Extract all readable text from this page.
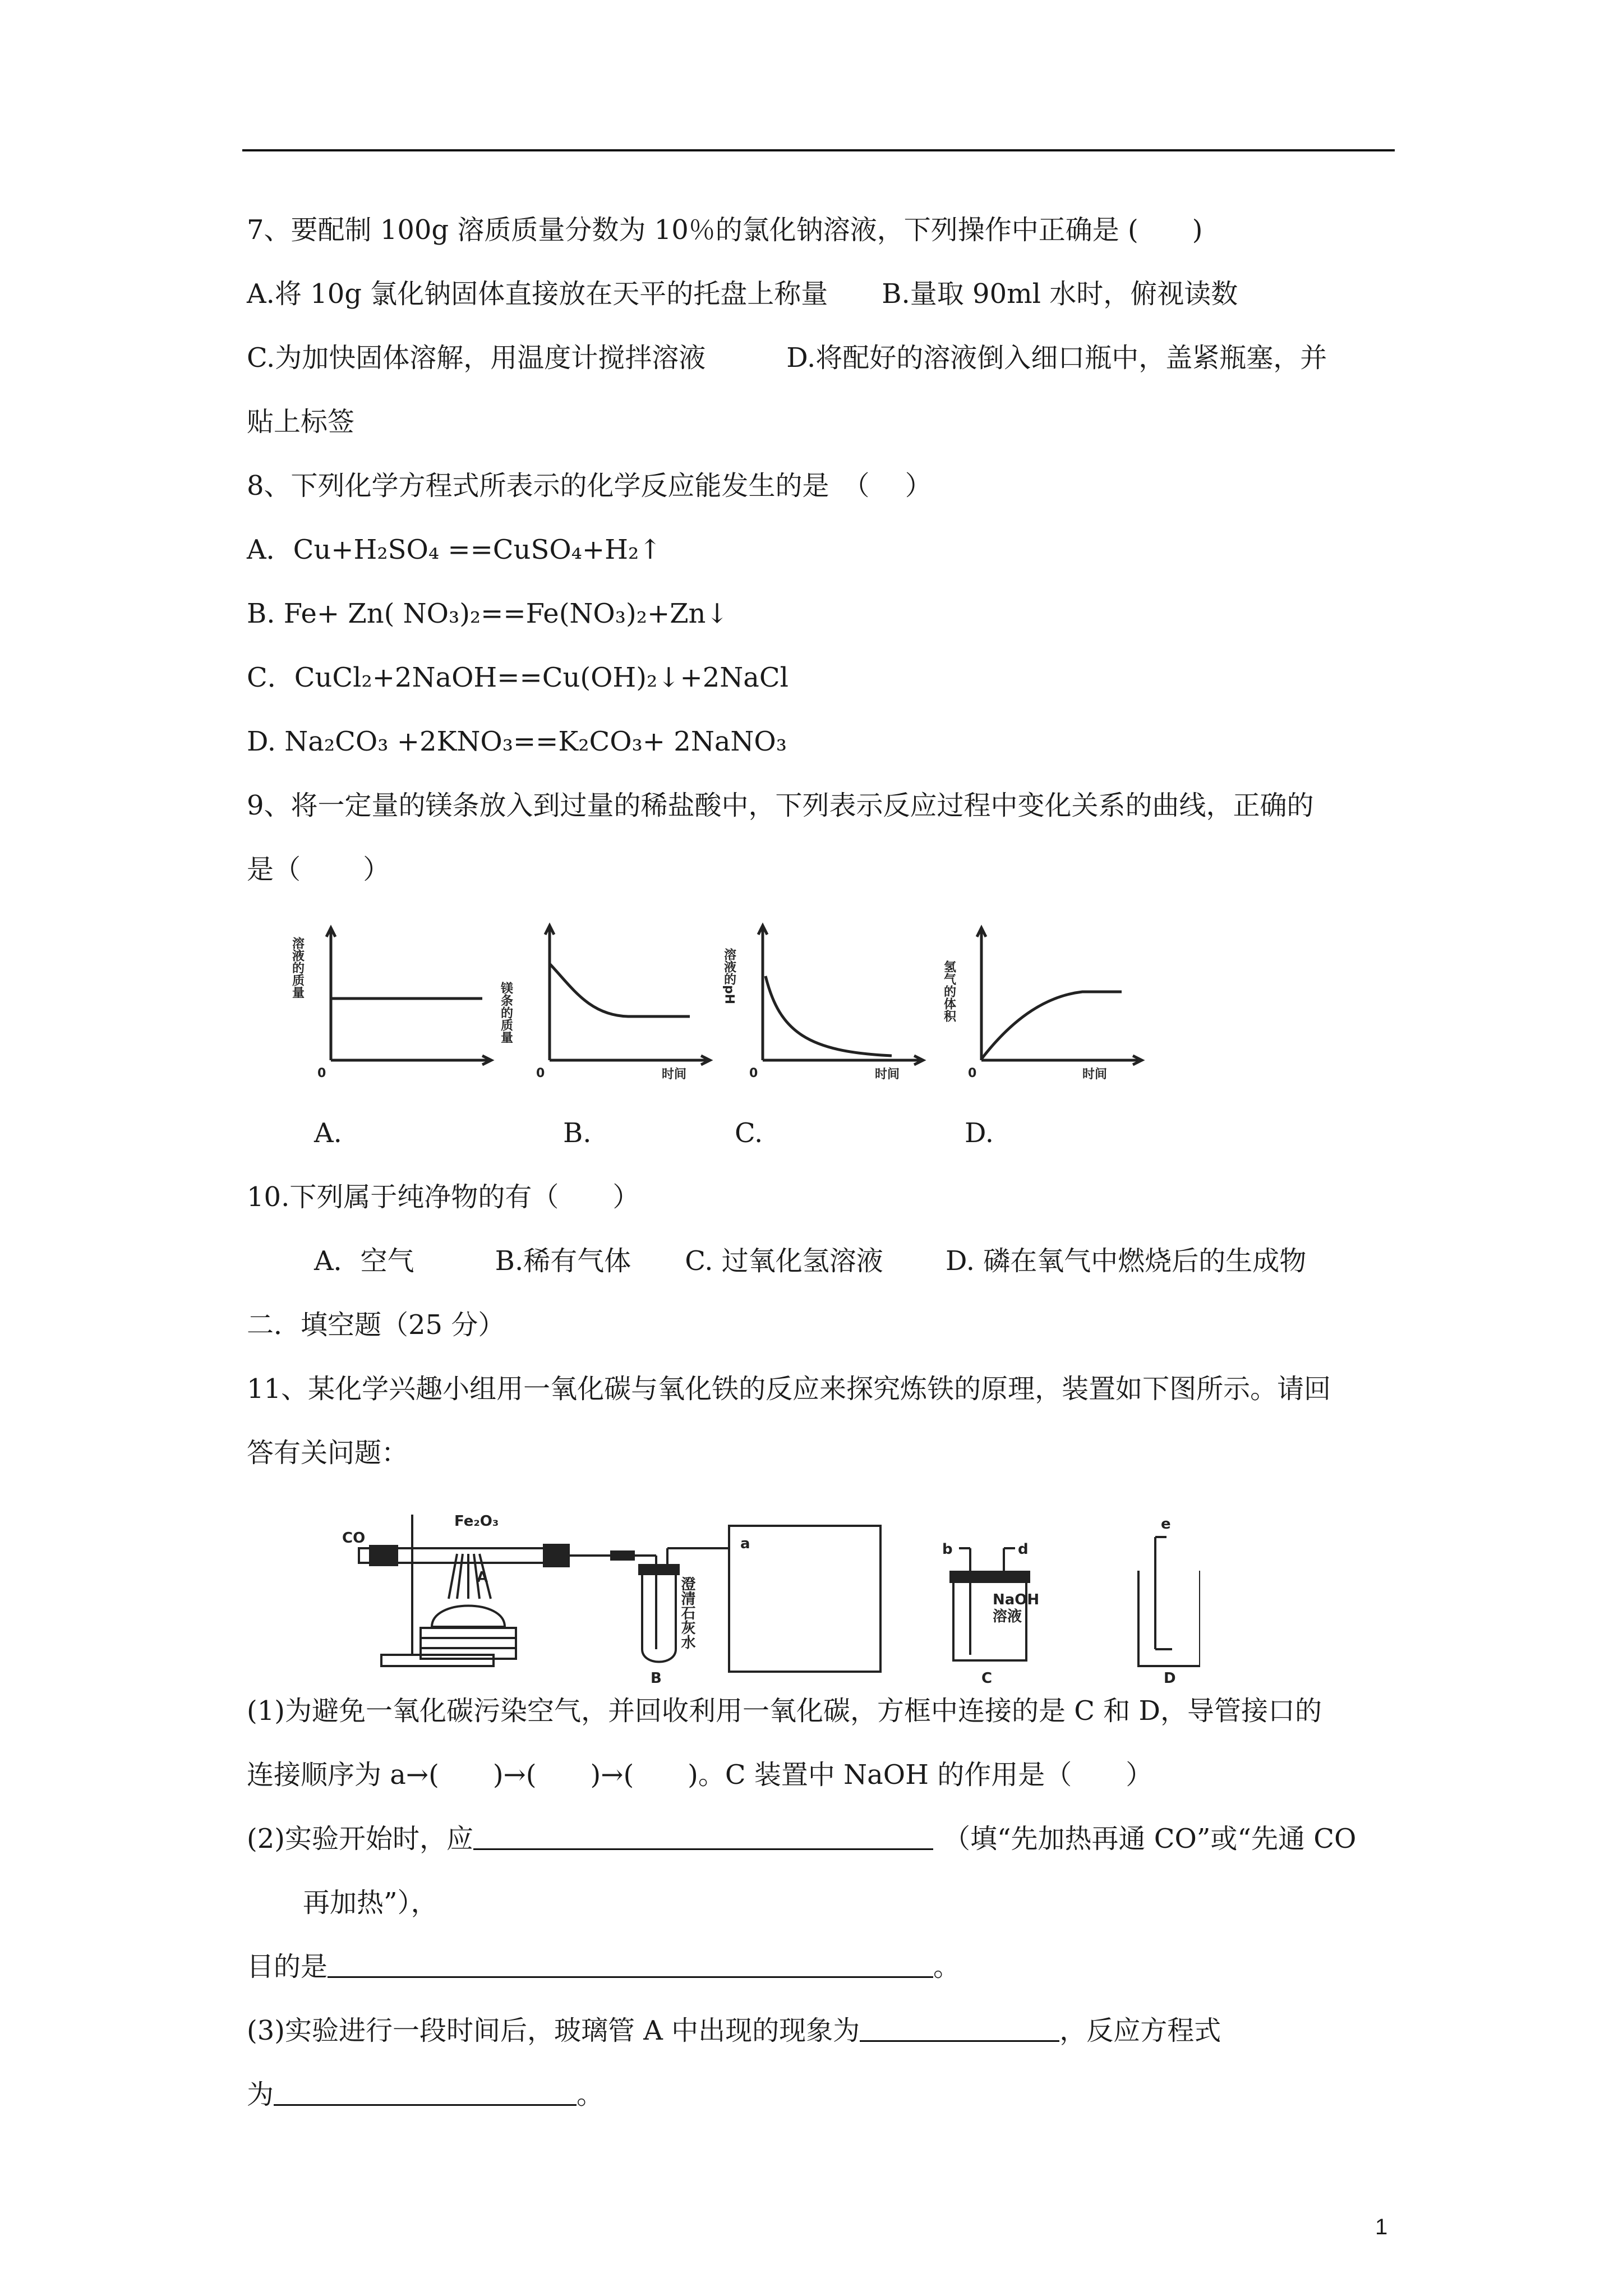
7、要配制 100g 溶质质量分数为 10％的氯化钠溶液，下列操作中正确是 (　　)
A.将 10g 氯化钠固体直接放在天平的托盘上称量　　B.量取 90ml 水时，俯视读数
C.为加快固体溶解，用温度计搅拌溶液　　　D.将配好的溶液倒入细口瓶中，盖紧瓶塞，并
贴上标签
8、下列化学方程式所表示的化学反应能发生的是　（　 ）
A．Cu+H₂SO₄ ==CuSO₄+H₂↑
B. Fe+ Zn( NO₃)₂==Fe(NO₃)₂+Zn↓
C．CuCl₂+2NaOH==Cu(OH)₂↓+2NaCl
D. Na₂CO₃ +2KNO₃==K₂CO₃+ 2NaNO₃
9、将一定量的镁条放入到过量的稀盐酸中，下列表示反应过程中变化关系的曲线，正确的
是（　　 ）
溶液的质量
镁条的质量
溶液的pH	氢气的体积
0	0	0	0
时间	时间	时间
A.	B.	C.	D.
10.下列属于纯净物的有（　　）
A．空气　　　B.稀有气体　　C. 过氧化氢溶液　　 D. 磷在氧气中燃烧后的生成物
二．填空题（25 分）
11、某化学兴趣小组用一氧化碳与氧化铁的反应来探究炼铁的原理，装置如下图所示。请回
答有关问题：
CO
Fe₂O₃
A
B
澄清石灰水
a	b	d
NaOH
溶液
C
e
D
(1)为避免一氧化碳污染空气，并回收利用一氧化碳，方框中连接的是 C 和 D，导管接口的
连接顺序为 a→(　　)→(　　)→(　　)。C 装置中 NaOH 的作用是（　　）
(2)实验开始时，应	（填“先加热再通 CO”或“先通 CO
再加热”），
目的是	。
(3)实验进行一段时间后，玻璃管 A 中出现的现象为	，反应方程式
为	。
1
